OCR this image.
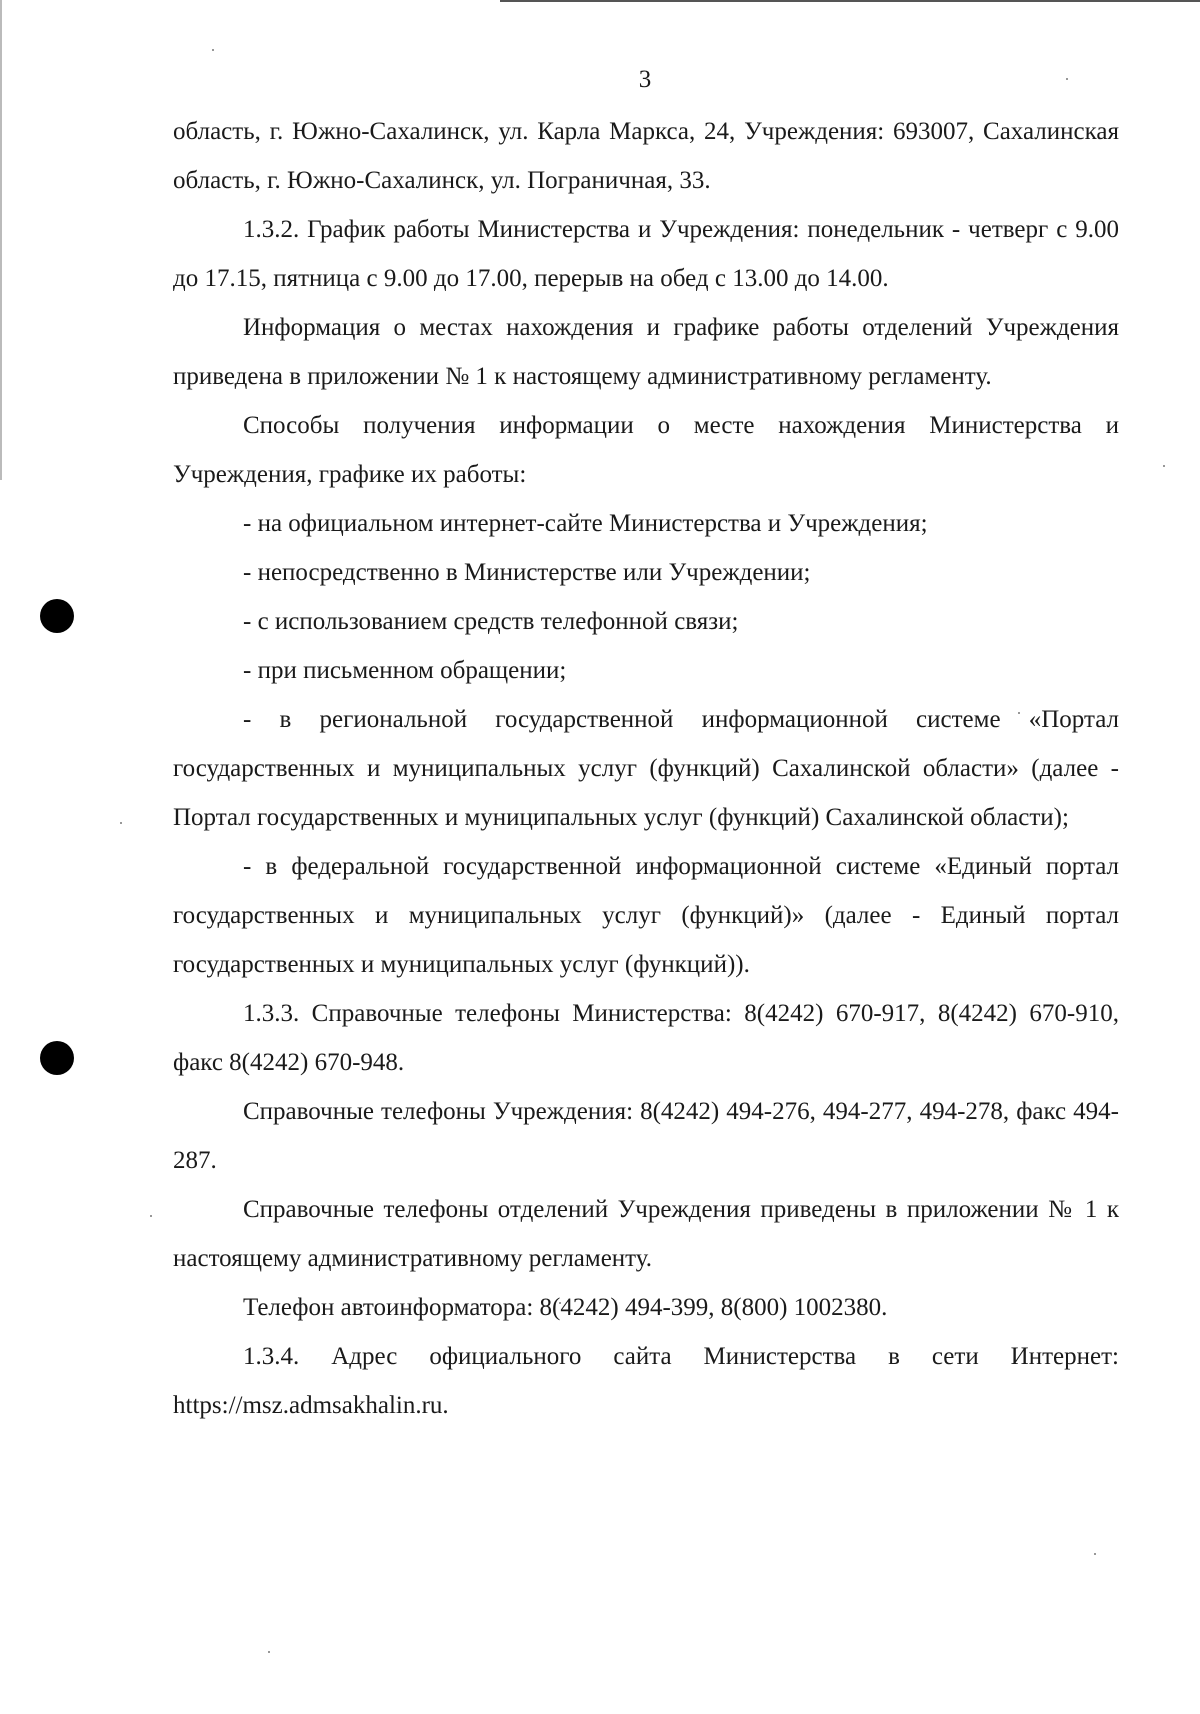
3

область, г. Южно-Сахалинск, ул. Карла Маркса, 24, Учреждения: 693007, Сахалинская область, г. Южно-Сахалинск, ул. Пограничная, 33.

1.3.2. График работы Министерства и Учреждения: понедельник - четверг с 9.00 до 17.15, пятница с 9.00 до 17.00, перерыв на обед с 13.00 до 14.00.

Информация о местах нахождения и графике работы отделений Учреждения приведена в приложении № 1 к настоящему административному регламенту.

Способы получения информации о месте нахождения Министерства и Учреждения, графике их работы:

- на официальном интернет-сайте Министерства и Учреждения;

- непосредственно в Министерстве или Учреждении;

- с использованием средств телефонной связи;

- при письменном обращении;

- в региональной государственной информационной системе «Портал государственных и муниципальных услуг (функций) Сахалинской области» (далее - Портал государственных и муниципальных услуг (функций) Сахалинской области);

- в федеральной государственной информационной системе «Единый портал государственных и муниципальных услуг (функций)» (далее - Единый портал государственных и муниципальных услуг (функций)).

1.3.3. Справочные телефоны Министерства: 8(4242) 670-917, 8(4242) 670-910, факс 8(4242) 670-948.

Справочные телефоны Учреждения: 8(4242) 494-276, 494-277, 494-278, факс 494-287.

Справочные телефоны отделений Учреждения приведены в приложении № 1 к настоящему административному регламенту.

Телефон автоинформатора: 8(4242) 494-399, 8(800) 1002380.

1.3.4. Адрес официального сайта Министерства в сети Интернет: https://msz.admsakhalin.ru.
